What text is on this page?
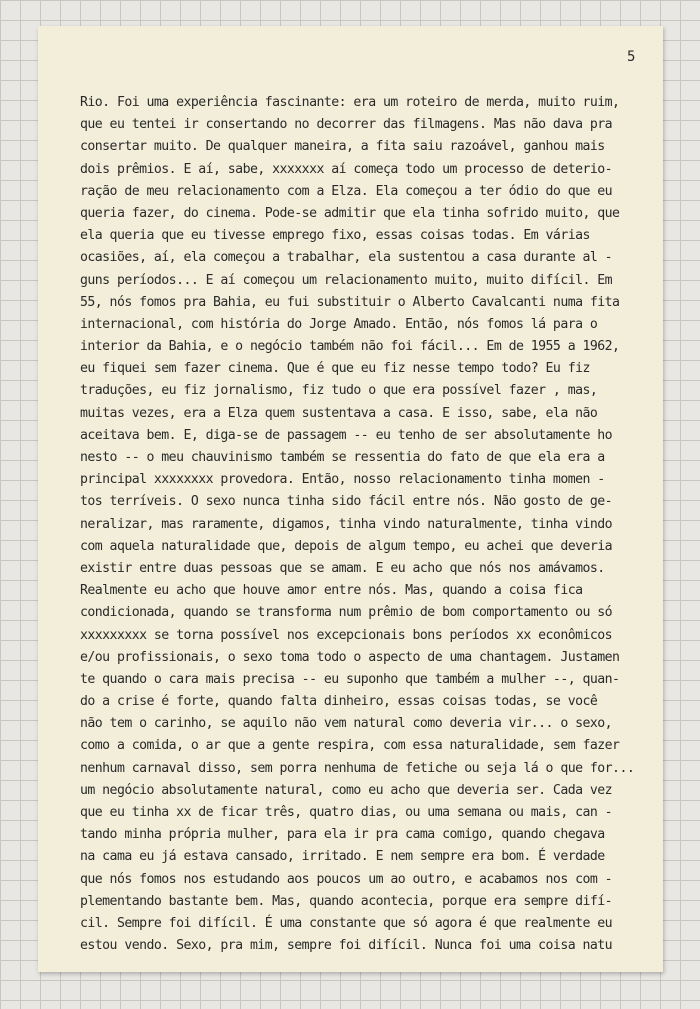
5
Rio. Foi uma experiência fascinante: era um roteiro de merda, muito ruim,
que eu tentei ir consertando no decorrer das filmagens. Mas não dava pra
consertar muito. De qualquer maneira, a fita saiu razoável, ganhou mais
dois prêmios. E aí, sabe, xxxxxxx aí começa todo um processo de deterio-
ração de meu relacionamento com a Elza. Ela começou a ter ódio do que eu
queria fazer, do cinema. Pode-se admitir que ela tinha sofrido muito, que
ela queria que eu tivesse emprego fixo, essas coisas todas. Em várias
ocasiões, aí, ela começou a trabalhar, ela sustentou a casa durante al -
guns períodos... E aí começou um relacionamento muito, muito difícil. Em
55, nós fomos pra Bahia, eu fui substituir o Alberto Cavalcanti numa fita
internacional, com história do Jorge Amado. Então, nós fomos lá para o
interior da Bahia, e o negócio também não foi fácil... Em de 1955 a 1962,
eu fiquei sem fazer cinema. Que é que eu fiz nesse tempo todo? Eu fiz
traduções, eu fiz jornalismo, fiz tudo o que era possível fazer , mas,
muitas vezes, era a Elza quem sustentava a casa. E isso, sabe, ela não
aceitava bem. E, diga-se de passagem -- eu tenho de ser absolutamente ho
nesto -- o meu chauvinismo também se ressentia do fato de que ela era a
principal xxxxxxxx provedora. Então, nosso relacionamento tinha momen -
tos terríveis. O sexo nunca tinha sido fácil entre nós. Não gosto de ge-
neralizar, mas raramente, digamos, tinha vindo naturalmente, tinha vindo
com aquela naturalidade que, depois de algum tempo, eu achei que deveria
existir entre duas pessoas que se amam. E eu acho que nós nos amávamos.
Realmente eu acho que houve amor entre nós. Mas, quando a coisa fica
condicionada, quando se transforma num prêmio de bom comportamento ou só
xxxxxxxxx se torna possível nos excepcionais bons períodos xx econômicos
e/ou profissionais, o sexo toma todo o aspecto de uma chantagem. Justamen
te quando o cara mais precisa -- eu suponho que também a mulher --, quan-
do a crise é forte, quando falta dinheiro, essas coisas todas, se você
não tem o carinho, se aquilo não vem natural como deveria vir... o sexo,
como a comida, o ar que a gente respira, com essa naturalidade, sem fazer
nenhum carnaval disso, sem porra nenhuma de fetiche ou seja lá o que for...
um negócio absolutamente natural, como eu acho que deveria ser. Cada vez
que eu tinha xx de ficar três, quatro dias, ou uma semana ou mais, can -
tando minha própria mulher, para ela ir pra cama comigo, quando chegava
na cama eu já estava cansado, irritado. E nem sempre era bom. É verdade
que nós fomos nos estudando aos poucos um ao outro, e acabamos nos com -
plementando bastante bem. Mas, quando acontecia, porque era sempre difí-
cil. Sempre foi difícil. É uma constante que só agora é que realmente eu
estou vendo. Sexo, pra mim, sempre foi difícil. Nunca foi uma coisa natu
